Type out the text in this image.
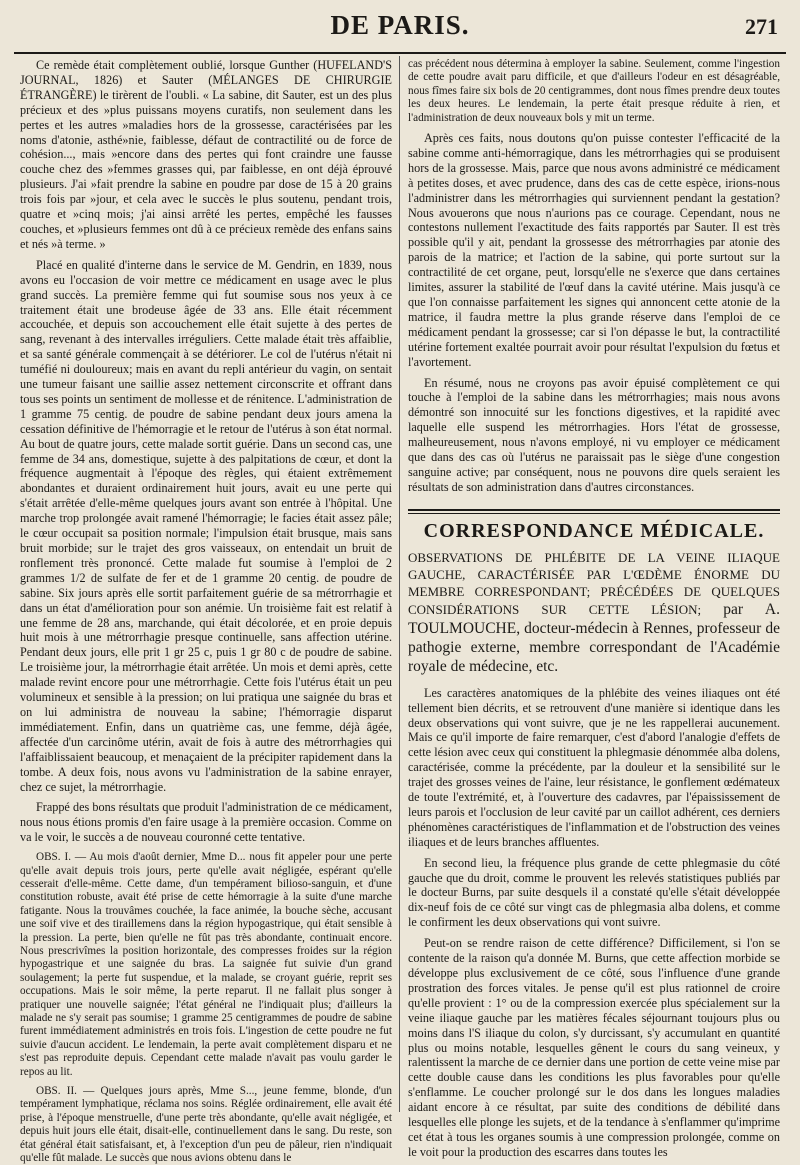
DE PARIS.	271

Ce remède était complètement oublié, lorsque Gunther (HUFELAND'S JOURNAL, 1826) et Sauter (MÉLANGES DE CHIRURGIE ÉTRANGÈRE) le tirèrent de l'oubli. « La sabine, dit Sauter, est un des plus précieux et des »plus puissans moyens curatifs, non seulement dans les pertes et les autres »maladies hors de la grossesse, caractérisées par les noms d'atonie, asthé»nie, faiblesse, défaut de contractilité ou de force de cohésion..., mais »encore dans des pertes qui font craindre une fausse couche chez des »femmes grasses qui, par faiblesse, en ont déjà éprouvé plusieurs. J'ai »fait prendre la sabine en poudre par dose de 15 à 20 grains trois fois par »jour, et cela avec le succès le plus soutenu, pendant trois, quatre et »cinq mois; j'ai ainsi arrêté les pertes, empêché les fausses couches, et »plusieurs femmes ont dû à ce précieux remède des enfans sains et nés »à terme. »

Placé en qualité d'interne dans le service de M. Gendrin, en 1839, nous avons eu l'occasion de voir mettre ce médicament en usage avec le plus grand succès. La première femme qui fut soumise sous nos yeux à ce traitement était une brodeuse âgée de 33 ans. Elle était récemment accouchée, et depuis son accouchement elle était sujette à des pertes de sang, revenant à des intervalles irréguliers. Cette malade était très affaiblie, et sa santé générale commençait à se détériorer. Le col de l'utérus n'était ni tuméfié ni douloureux; mais en avant du repli antérieur du vagin, on sentait une tumeur faisant une saillie assez nettement circonscrite et offrant dans tous ses points un sentiment de mollesse et de rénitence. L'administration de 1 gramme 75 centig. de poudre de sabine pendant deux jours amena la cessation définitive de l'hémorragie et le retour de l'utérus à son état normal. Au bout de quatre jours, cette malade sortit guérie. Dans un second cas, une femme de 34 ans, domestique, sujette à des palpitations de cœur, et dont la fréquence augmentait à l'époque des règles, qui étaient extrêmement abondantes et duraient ordinairement huit jours, avait eu une perte qui s'était arrêtée d'elle-même quelques jours avant son entrée à l'hôpital. Une marche trop prolongée avait ramené l'hémorragie; le facies était assez pâle; le cœur occupait sa position normale; l'impulsion était brusque, mais sans bruit morbide; sur le trajet des gros vaisseaux, on entendait un bruit de ronflement très prononcé. Cette malade fut soumise à l'emploi de 2 grammes 1/2 de sulfate de fer et de 1 gramme 20 centig. de poudre de sabine. Six jours après elle sortit parfaitement guérie de sa métrorrhagie et dans un état d'amélioration pour son anémie. Un troisième fait est relatif à une femme de 28 ans, marchande, qui était décolorée, et en proie depuis huit mois à une métrorrhagie presque continuelle, sans affection utérine. Pendant deux jours, elle prit 1 gr 25 c, puis 1 gr 80 c de poudre de sabine. Le troisième jour, la métrorrhagie était arrêtée. Un mois et demi après, cette malade revint encore pour une métrorrhagie. Cette fois l'utérus était un peu volumineux et sensible à la pression; on lui pratiqua une saignée du bras et on lui administra de nouveau la sabine; l'hémorragie disparut immédiatement. Enfin, dans un quatrième cas, une femme, déjà âgée, affectée d'un carcinôme utérin, avait de fois à autre des métrorrhagies qui l'affaiblissaient beaucoup, et menaçaient de la précipiter rapidement dans la tombe. A deux fois, nous avons vu l'administration de la sabine enrayer, chez ce sujet, la métrorrhagie.

Frappé des bons résultats que produit l'administration de ce médicament, nous nous étions promis d'en faire usage à la première occasion. Comme on va le voir, le succès a de nouveau couronné cette tentative.

OBS. I. — Au mois d'août dernier, Mme D... nous fit appeler pour une perte qu'elle avait depuis trois jours, perte qu'elle avait négligée, espérant qu'elle cesserait d'elle-même. Cette dame, d'un tempérament bilioso-sanguin, et d'une constitution robuste, avait été prise de cette hémorragie à la suite d'une marche fatigante. Nous la trouvâmes couchée, la face animée, la bouche sèche, accusant une soif vive et des tiraillemens dans la région hypogastrique, qui était sensible à la pression. La perte, bien qu'elle ne fût pas très abondante, continuait encore. Nous prescrivîmes la position horizontale, des compresses froides sur la région hypogastrique et une saignée du bras. La saignée fut suivie d'un grand soulagement; la perte fut suspendue, et la malade, se croyant guérie, reprit ses occupations. Mais le soir même, la perte reparut. Il ne fallait plus songer à pratiquer une nouvelle saignée; l'état général ne l'indiquait plus; d'ailleurs la malade ne s'y serait pas soumise; 1 gramme 25 centigrammes de poudre de sabine furent immédiatement administrés en trois fois. L'ingestion de cette poudre ne fut suivie d'aucun accident. Le lendemain, la perte avait complètement disparu et ne s'est pas reproduite depuis. Cependant cette malade n'avait pas voulu garder le repos au lit.

OBS. II. — Quelques jours après, Mme S..., jeune femme, blonde, d'un tempérament lymphatique, réclama nos soins. Réglée ordinairement, elle avait été prise, à l'époque menstruelle, d'une perte très abondante, qu'elle avait négligée, et depuis huit jours elle était, disait-elle, continuellement dans le sang. Du reste, son état général était satisfaisant, et, à l'exception d'un peu de pâleur, rien n'indiquait qu'elle fût malade. Le succès que nous avions obtenu dans le

cas précédent nous détermina à employer la sabine. Seulement, comme l'ingestion de cette poudre avait paru difficile, et que d'ailleurs l'odeur en est désagréable, nous fîmes faire six bols de 20 centigrammes, dont nous fîmes prendre deux toutes les deux heures. Le lendemain, la perte était presque réduite à rien, et l'administration de deux nouveaux bols y mit un terme.

Après ces faits, nous doutons qu'on puisse contester l'efficacité de la sabine comme anti-hémorragique, dans les métrorrhagies qui se produisent hors de la grossesse. Mais, parce que nous avons administré ce médicament à petites doses, et avec prudence, dans des cas de cette espèce, irions-nous l'administrer dans les métrorrhagies qui surviennent pendant la gestation? Nous avouerons que nous n'aurions pas ce courage. Cependant, nous ne contestons nullement l'exactitude des faits rapportés par Sauter. Il est très possible qu'il y ait, pendant la grossesse des métrorrhagies par atonie des parois de la matrice; et l'action de la sabine, qui porte surtout sur la contractilité de cet organe, peut, lorsqu'elle ne s'exerce que dans certaines limites, assurer la stabilité de l'œuf dans la cavité utérine. Mais jusqu'à ce que l'on connaisse parfaitement les signes qui annoncent cette atonie de la matrice, il faudra mettre la plus grande réserve dans l'emploi de ce médicament pendant la grossesse; car si l'on dépasse le but, la contractilité utérine fortement exaltée pourrait avoir pour résultat l'expulsion du fœtus et l'avortement.

En résumé, nous ne croyons pas avoir épuisé complètement ce qui touche à l'emploi de la sabine dans les métrorrhagies; mais nous avons démontré son innocuité sur les fonctions digestives, et la rapidité avec laquelle elle suspend les métrorrhagies. Hors l'état de grossesse, malheureusement, nous n'avons employé, ni vu employer ce médicament que dans des cas où l'utérus ne paraissait pas le siège d'une congestion sanguine active; par conséquent, nous ne pouvons dire quels seraient les résultats de son administration dans d'autres circonstances.

CORRESPONDANCE MÉDICALE.

OBSERVATIONS DE PHLÉBITE DE LA VEINE ILIAQUE GAUCHE, CARACTÉRISÉE PAR L'ŒDÈME ÉNORME DU MEMBRE CORRESPONDANT; PRÉCÉDÉES DE QUELQUES CONSIDÉRATIONS SUR CETTE LÉSION; par A. TOULMOUCHE, docteur-médecin à Rennes, professeur de pathogie externe, membre correspondant de l'Académie royale de médecine, etc.

Les caractères anatomiques de la phlébite des veines iliaques ont été tellement bien décrits, et se retrouvent d'une manière si identique dans les deux observations qui vont suivre, que je ne les rappellerai aucunement. Mais ce qu'il importe de faire remarquer, c'est d'abord l'analogie d'effets de cette lésion avec ceux qui constituent la phlegmasie dénommée alba dolens, caractérisée, comme la précédente, par la douleur et la sensibilité sur le trajet des grosses veines de l'aine, leur résistance, le gonflement œdémateux de toute l'extrémité, et, à l'ouverture des cadavres, par l'épaississement de leurs parois et l'occlusion de leur cavité par un caillot adhérent, ces derniers phénomènes caractéristiques de l'inflammation et de l'obstruction des veines iliaques et de leurs branches affluentes.

En second lieu, la fréquence plus grande de cette phlegmasie du côté gauche que du droit, comme le prouvent les relevés statistiques publiés par le docteur Burns, par suite desquels il a constaté qu'elle s'était développée dix-neuf fois de ce côté sur vingt cas de phlegmasia alba dolens, et comme le confirment les deux observations qui vont suivre.

Peut-on se rendre raison de cette différence? Difficilement, si l'on se contente de la raison qu'a donnée M. Burns, que cette affection morbide se développe plus exclusivement de ce côté, sous l'influence d'une grande prostration des forces vitales. Je pense qu'il est plus rationnel de croire qu'elle provient : 1° ou de la compression exercée plus spécialement sur la veine iliaque gauche par les matières fécales séjournant toujours plus ou moins dans l'S iliaque du colon, s'y durcissant, s'y accumulant en quantité plus ou moins notable, lesquelles gênent le cours du sang veineux, y ralentissent la marche de ce dernier dans une portion de cette veine mise par cette double cause dans les conditions les plus favorables pour qu'elle s'enflamme. Le coucher prolongé sur le dos dans les longues maladies aidant encore à ce résultat, par suite des conditions de débilité dans lesquelles elle plonge les sujets, et de la tendance à s'enflammer qu'imprime cet état à tous les organes soumis à une compression prolongée, comme on le voit pour la production des escarres dans toutes les
